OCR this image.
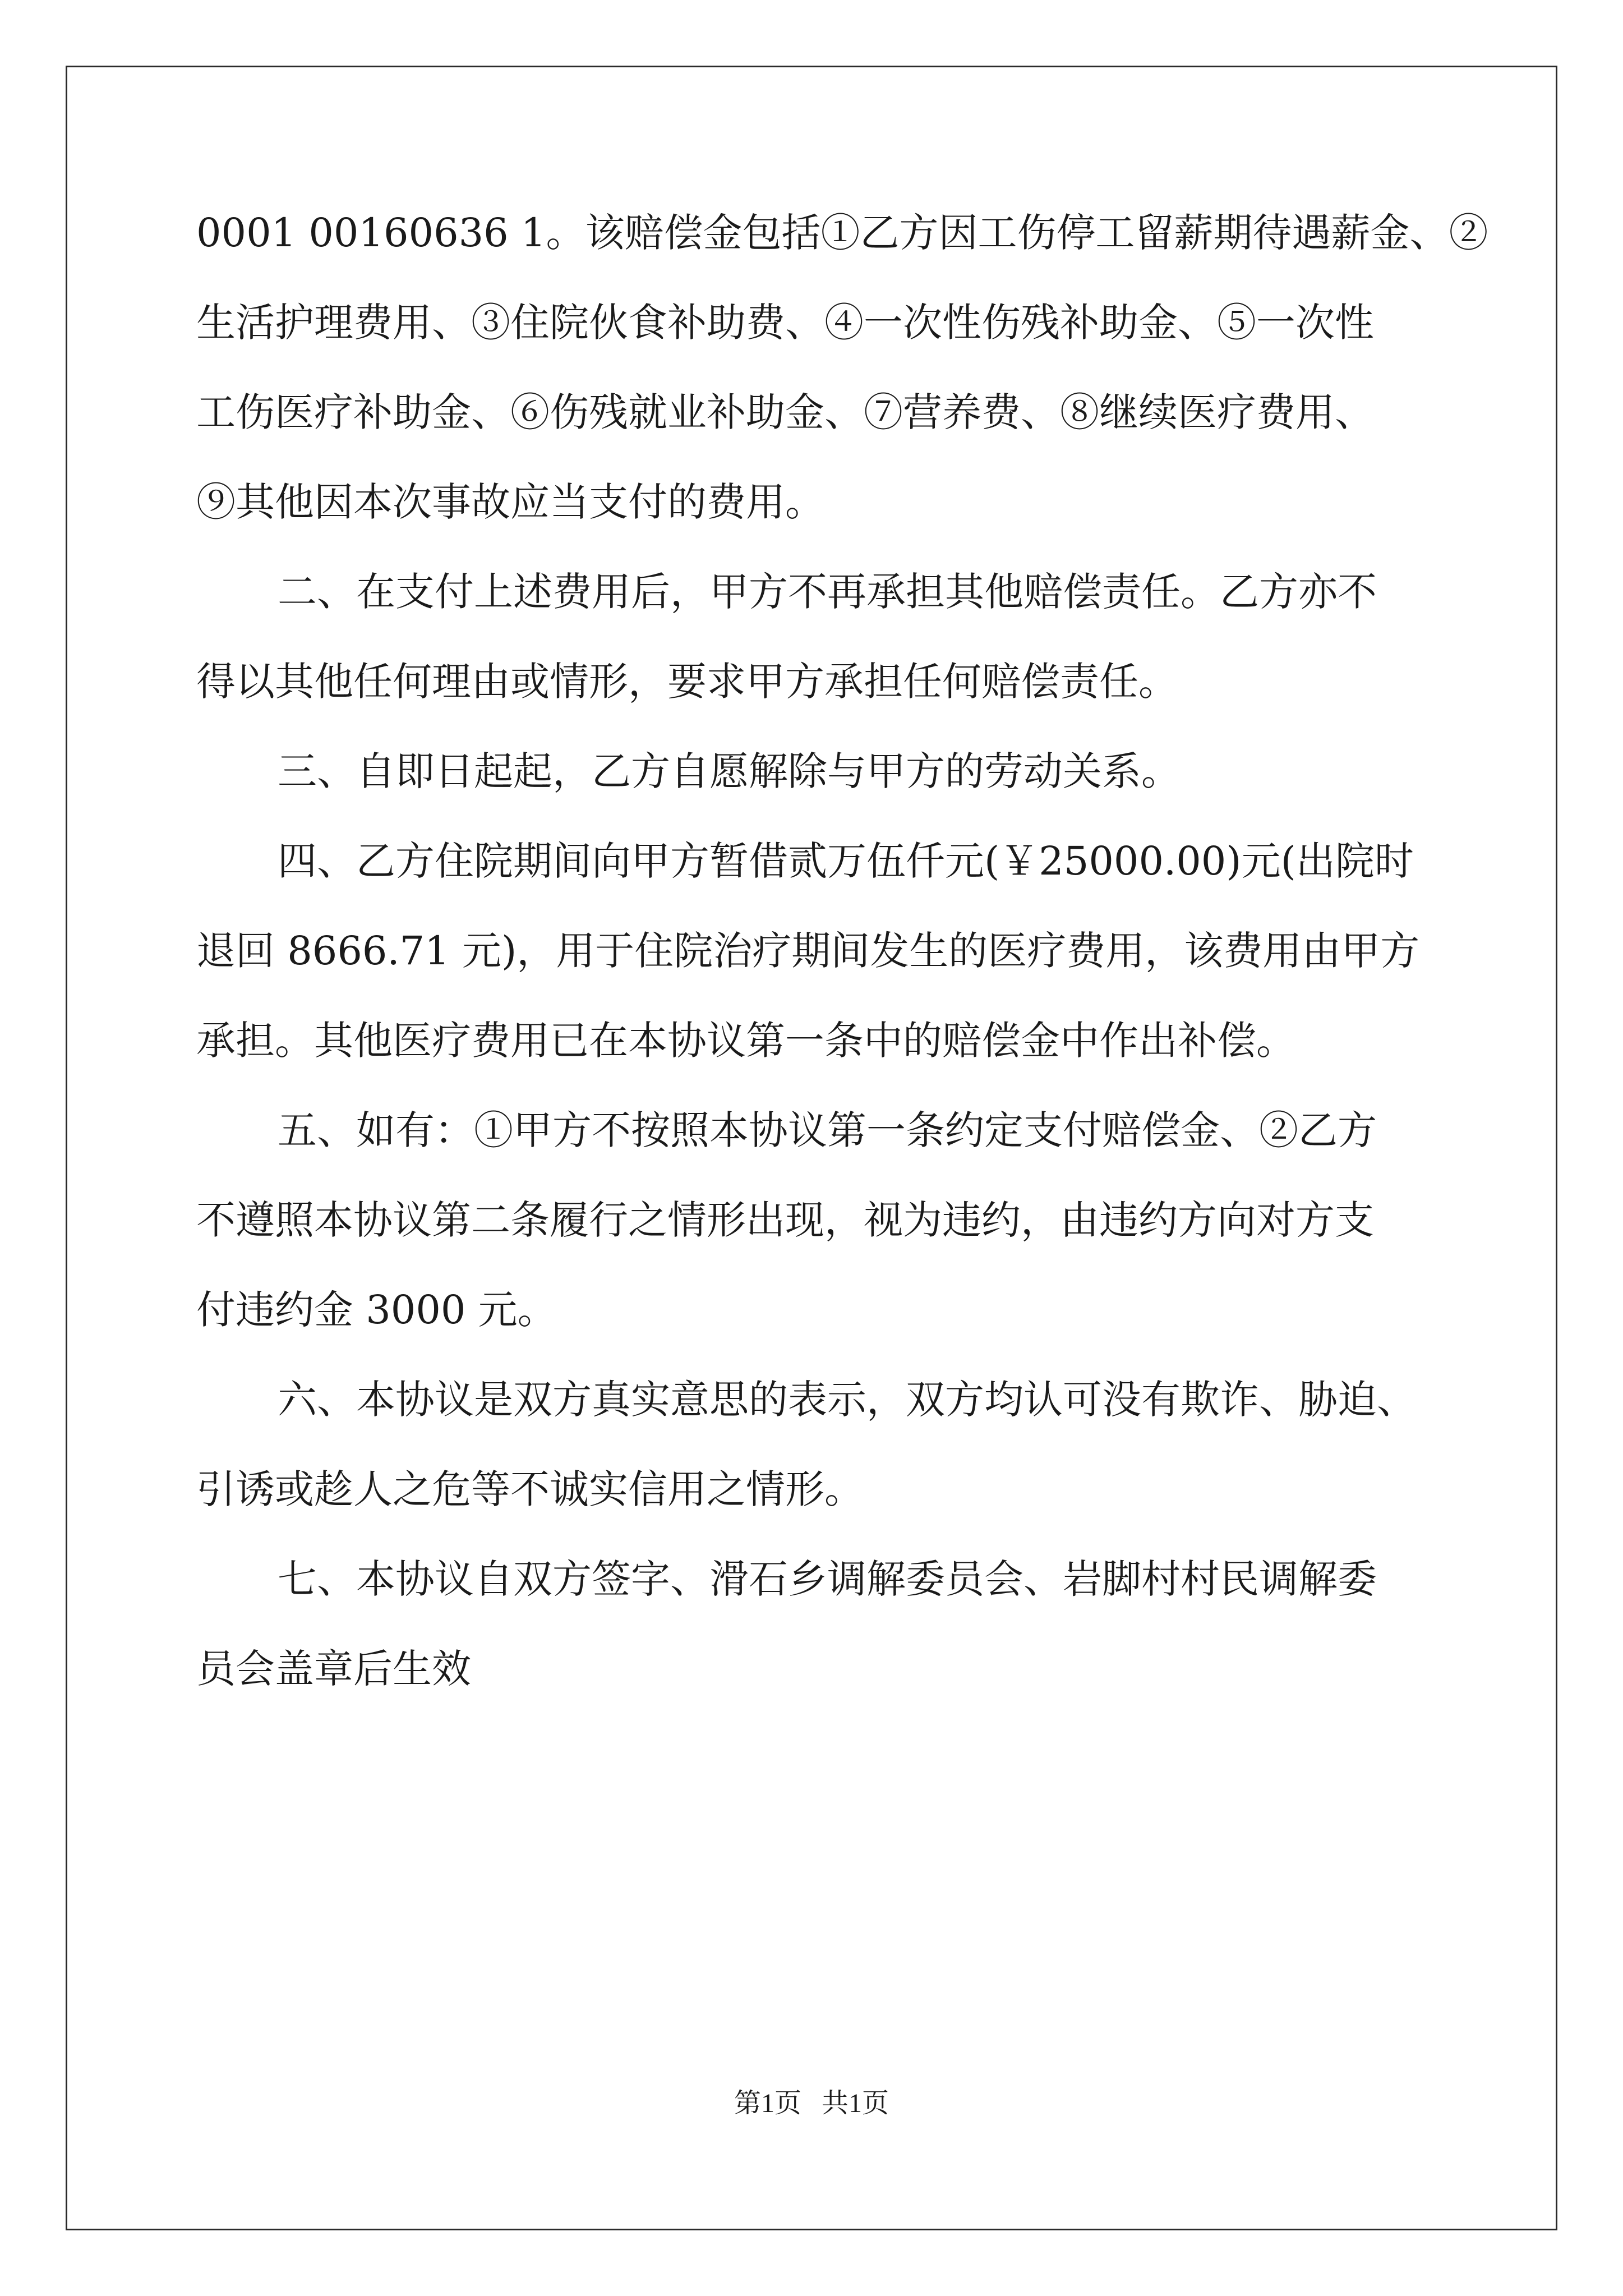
0001 00160636 1。该赔偿金包括①乙方因工伤停工留薪期待遇薪金、②
生活护理费用、③住院伙食补助费、④一次性伤残补助金、⑤一次性
工伤医疗补助金、⑥伤残就业补助金、⑦营养费、⑧继续医疗费用、
⑨其他因本次事故应当支付的费用。
二、在支付上述费用后，甲方不再承担其他赔偿责任。乙方亦不
得以其他任何理由或情形，要求甲方承担任何赔偿责任。
三、自即日起起，乙方自愿解除与甲方的劳动关系。
四、乙方住院期间向甲方暂借贰万伍仟元(￥25000.00)元(出院时
退回 8666.71 元)，用于住院治疗期间发生的医疗费用，该费用由甲方
承担。其他医疗费用已在本协议第一条中的赔偿金中作出补偿。
五、如有：①甲方不按照本协议第一条约定支付赔偿金、②乙方
不遵照本协议第二条履行之情形出现，视为违约，由违约方向对方支
付违约金 3000 元。
六、本协议是双方真实意思的表示，双方均认可没有欺诈、胁迫、
引诱或趁人之危等不诚实信用之情形。
七、本协议自双方签字、滑石乡调解委员会、岩脚村村民调解委
员会盖章后生效
第1页 共1页
